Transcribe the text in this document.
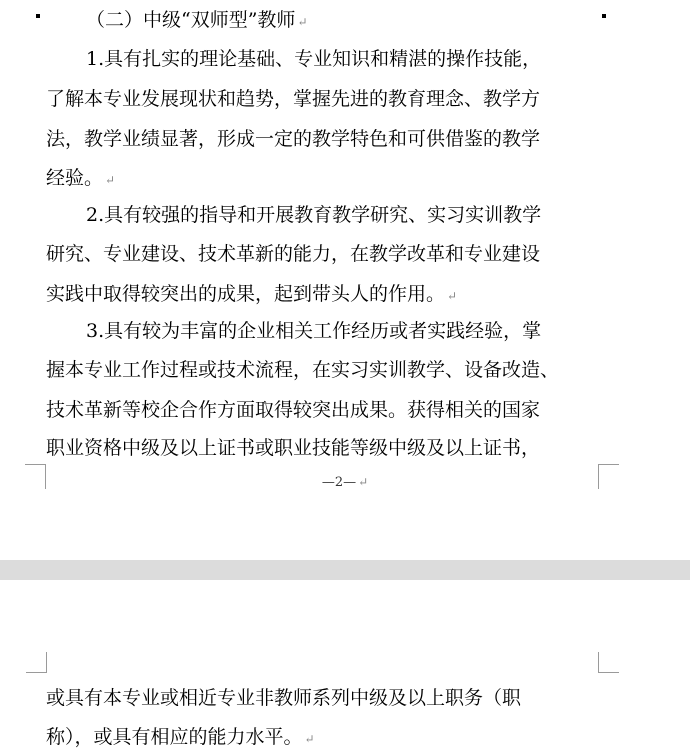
（二）中级“双师型”教师 ↵
1.具有扎实的理论基础、专业知识和精湛的操作技能，
了解本专业发展现状和趋势，掌握先进的教育理念、教学方
法，教学业绩显著，形成一定的教学特色和可供借鉴的教学
经验。 ↵
2.具有较强的指导和开展教育教学研究、实习实训教学
研究、专业建设、技术革新的能力，在教学改革和专业建设
实践中取得较突出的成果，起到带头人的作用。 ↵
3.具有较为丰富的企业相关工作经历或者实践经验，掌
握本专业工作过程或技术流程，在实习实训教学、设备改造、
技术革新等校企合作方面取得较突出成果。获得相关的国家
职业资格中级及以上证书或职业技能等级中级及以上证书，
—2— ↵
或具有本专业或相近专业非教师系列中级及以上职务（职
称），或具有相应的能力水平。 ↵
